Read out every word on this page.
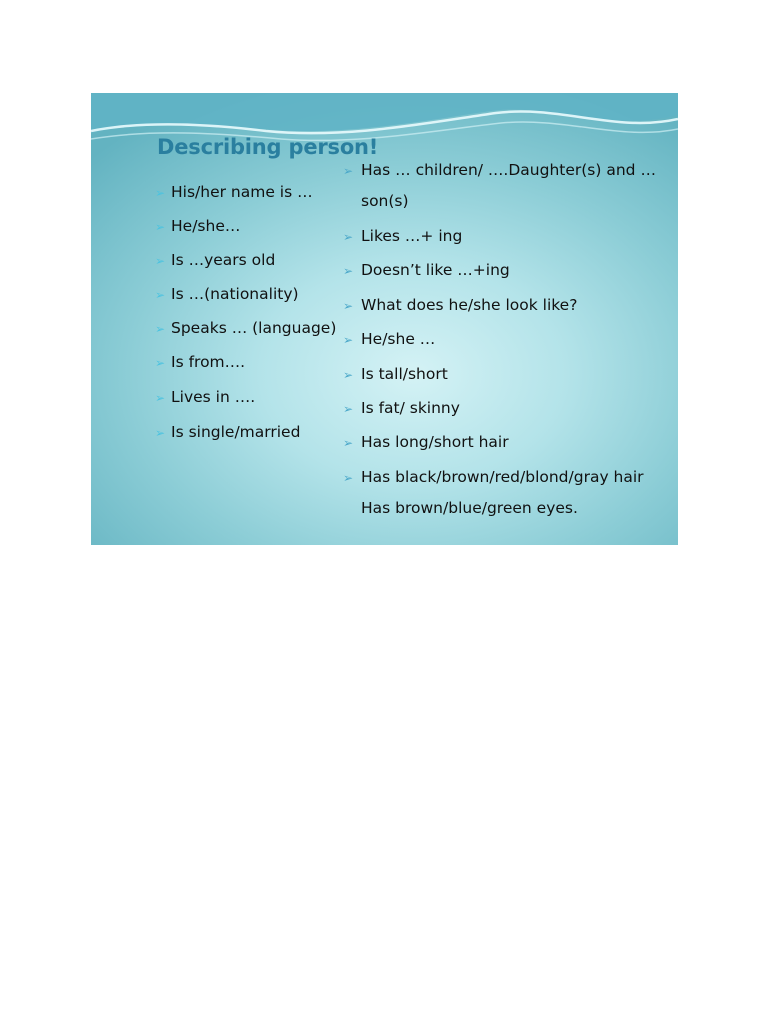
Describing person!
➢ His/her name is …
➢ He/she…
➢ Is …years old
➢ Is …(nationality)
➢ Speaks … (language)
➢ Is from….
➢ Lives in ….
➢ Is single/married
➢ Has … children/ ….Daughter(s) and …
son(s)
➢ Likes …+ ing
➢ Doesn’t like …+ing
➢ What does he/she look like?
➢ He/she …
➢ Is tall/short
➢ Is fat/ skinny
➢ Has long/short hair
➢ Has black/brown/red/blond/gray hair
Has brown/blue/green eyes.
